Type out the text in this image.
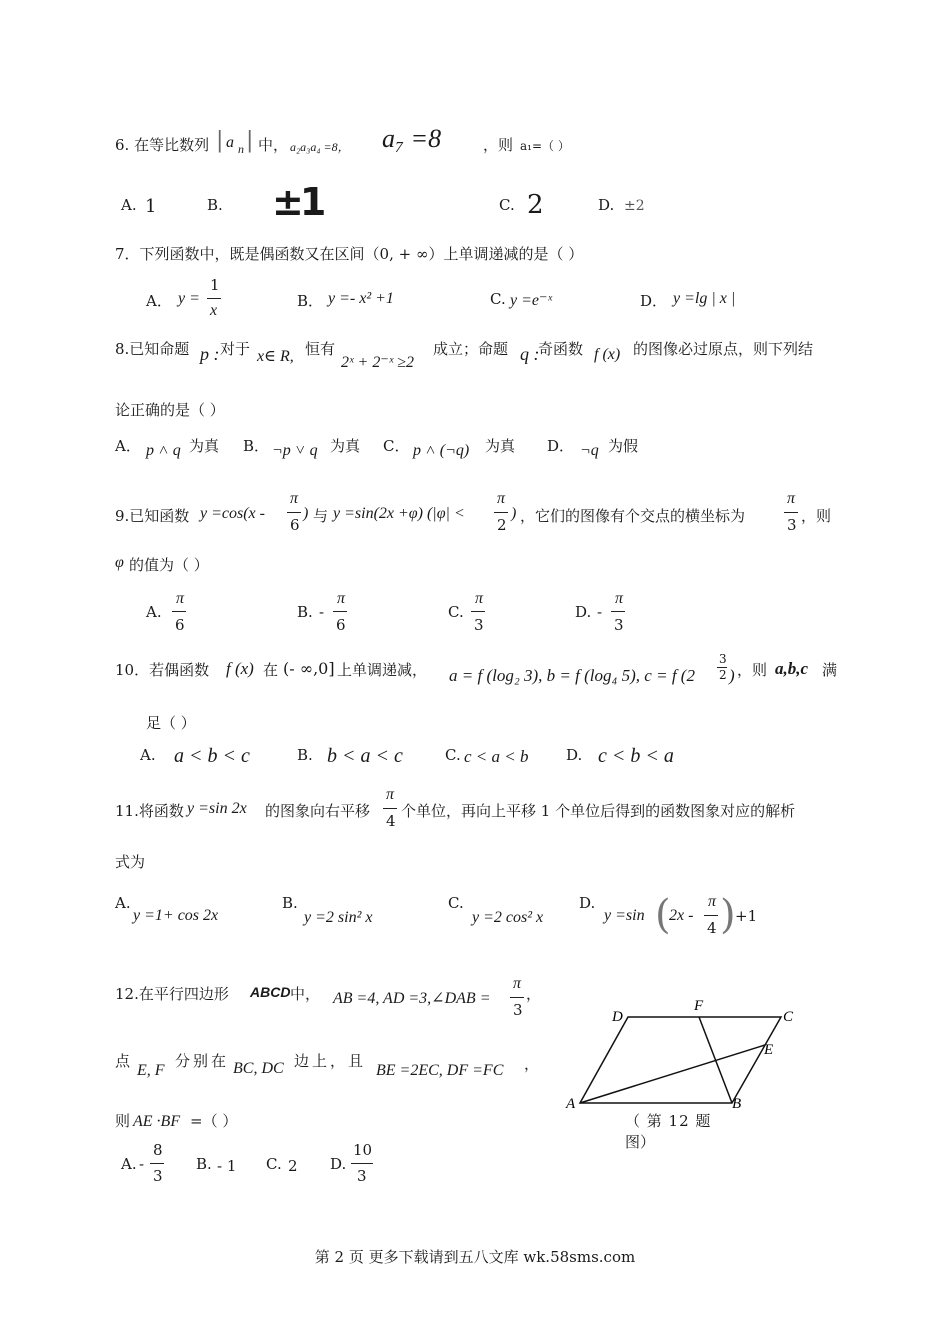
6. 在等比数列 | a n | 中， a₂a₃a₄ =8， a₇ =8	，则 a₁=（ ）
A. 1	B. ±1	C. 2	D. ±2
7．下列函数中，既是偶函数又在区间（0, + ∞）上单调递减的是（ ）
A． y =
1
x
B． y =- x² +1	C. y =e⁻ˣ	D． y =lg | x |
8.已知命题 p : 对于 x∈ R, 恒有
2ˣ + 2⁻ˣ ≥2
成立；命题 q :
奇函数 f (x) 的图像必过原点，则下列结
论正确的是（ ）
A． p ˄ q 为真 B． ¬p ˅ q 为真 C． p ˄ (¬q) 为真 D． ¬q 为假
9.已知函数 y =cos(x -
π
6
) 与 y =sin(2x +φ) (|φ| <
π
2
) ，它们的图像有个交点的横坐标为
π
3 ，则
φ 的值为（ ）
A.
π
6
B. -
π
6
C.
π
3
D. -
π
3
10．若偶函数 f (x) 在 (- ∞,0] 上单调递减， a = f (log₂ 3), b = f (log₄ 5), c = f (2
3
2 ) ，则 a,b,c 满
足（ ）
A. a < b < c	B. b < a < c	C. c < a < b	D. c < b < a
11.将函数 y =sin 2x 的图象向右平移
π
4
个单位，再向上平移 1 个单位后得到的函数图象对应的解析
式为
A.
y =1+ cos 2x
B.
y =2 sin² x
C.
y =2 cos² x
D.
y =sin (
2x -
π
4 ) +1
12.在平行四边形 ABCD 中， AB =4, AD =3,∠DAB =
π
3
，
点
E, F
分别在 BC, DC 边上，且
BE =2EC, DF =FC ，
则 AE ·BF =（ ）
A. -
8
3
B. - 1 C. 2 D.
10
3
A	B
C
D
E
F
（ 第 12 题
图）
第 2 页 更多下载请到五八文库 wk.58sms.com
